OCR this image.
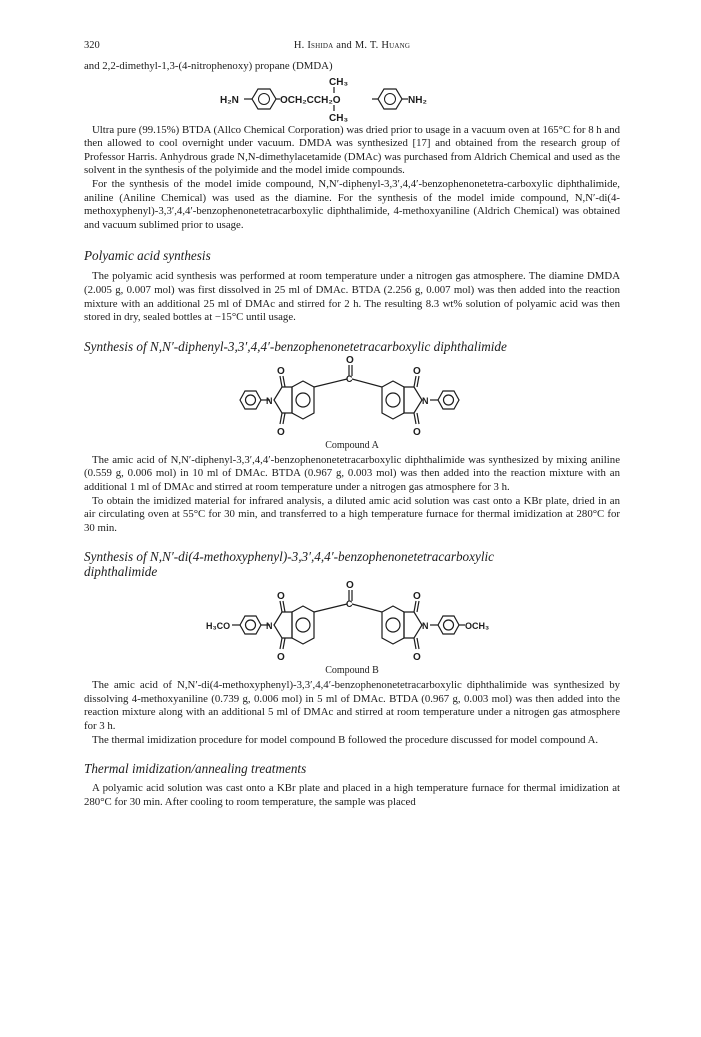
320	H. Ishida and M. T. Huang

and 2,2-dimethyl-1,3-(4-nitrophenoxy) propane (DMDA)

H₂N	OCH₂CCH₂O
CH₃
CH₃
NH₂

Ultra pure (99.15%) BTDA (Allco Chemical Corporation) was dried prior to usage in a vacuum oven at 165°C for 8 h and then allowed to cool overnight under vacuum. DMDA was synthesized [17] and obtained from the research group of Professor Harris. Anhydrous grade N,N-dimethylacetamide (DMAc) was purchased from Aldrich Chemical and used as the solvent in the synthesis of the polyimide and the model imide compounds.

For the synthesis of the model imide compound, N,N′-diphenyl-3,3′,4,4′-benzophenonetetra-carboxylic diphthalimide, aniline (Aniline Chemical) was used as the diamine. For the synthesis of the model imide compound, N,N′-di(4-methoxyphenyl)-3,3′,4,4′-benzophenonetetracarboxylic diphthalimide, 4-methoxyaniline (Aldrich Chemical) was obtained and vacuum sublimed prior to usage.

Polyamic acid synthesis

The polyamic acid synthesis was performed at room temperature under a nitrogen gas atmosphere. The diamine DMDA (2.005 g, 0.007 mol) was first dissolved in 25 ml of DMAc. BTDA (2.256 g, 0.007 mol) was then added into the reaction mixture with an additional 25 ml of DMAc and stirred for 2 h. The resulting 8.3 wt% solution of polyamic acid was then stored in dry, sealed bottles at −15°C until usage.

Synthesis of N,N′-diphenyl-3,3′,4,4′-benzophenonetetracarboxylic diphthalimide

N	N
C
O
O
O
O
O
Compound A

The amic acid of N,N′-diphenyl-3,3′,4,4′-benzophenonetetracarboxylic diphthalimide was synthesized by mixing aniline (0.559 g, 0.006 mol) in 10 ml of DMAc. BTDA (0.967 g, 0.003 mol) was then added into the reaction mixture with an additional 1 ml of DMAc and stirred at room temperature under a nitrogen gas atmosphere for 3 h.

To obtain the imidized material for infrared analysis, a diluted amic acid solution was cast onto a KBr plate, dried in an air circulating oven at 55°C for 30 min, and transferred to a high temperature furnace for thermal imidization at 280°C for 30 min.

Synthesis of N,N′-di(4-methoxyphenyl)-3,3′,4,4′-benzophenonetetracarboxylic

diphthalimide

H₃CO	OCH₃
N	N
C
O
O
O
O
O
Compound B

The amic acid of N,N′-di(4-methoxyphenyl)-3,3′,4,4′-benzophenonetetracarboxylic diphthalimide was synthesized by dissolving 4-methoxyaniline (0.739 g, 0.006 mol) in 5 ml of DMAc. BTDA (0.967 g, 0.003 mol) was then added into the reaction mixture along with an additional 5 ml of DMAc and stirred at room temperature under a nitrogen gas atmosphere for 3 h.

The thermal imidization procedure for model compound B followed the procedure discussed for model compound A.

Thermal imidization/annealing treatments

A polyamic acid solution was cast onto a KBr plate and placed in a high temperature furnace for thermal imidization at 280°C for 30 min. After cooling to room temperature, the sample was placed
